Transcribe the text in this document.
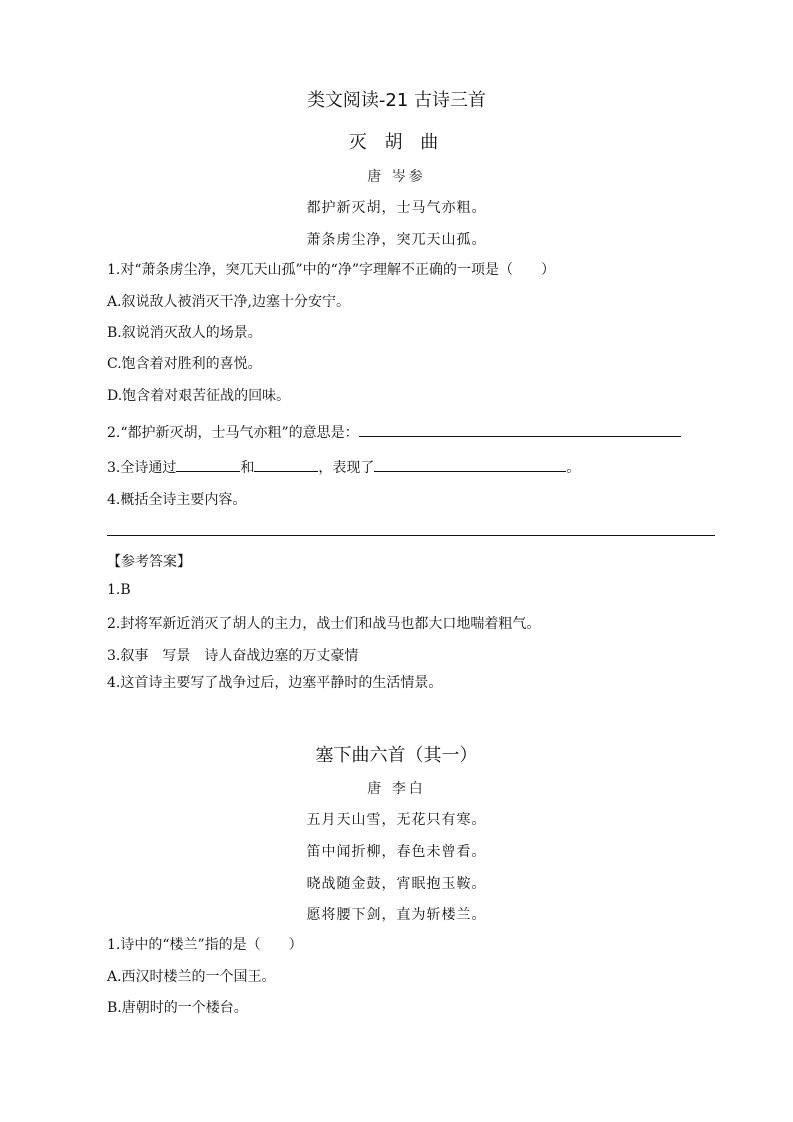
类文阅读-21 古诗三首
灭 胡 曲
唐 岑参
都护新灭胡，士马气亦粗。
萧条虏尘净，突兀天山孤。
1.对“萧条虏尘净，突兀天山孤”中的“净”字理解不正确的一项是（　　）
A.叙说敌人被消灭干净,边塞十分安宁。
B.叙说消灭敌人的场景。
C.饱含着对胜利的喜悦。
D.饱含着对艰苦征战的回味。
2.“都护新灭胡，士马气亦粗”的意思是：
3.全诗通过	和	，表现了	。
4.概括全诗主要内容。
【参考答案】
1.B
2.封将军新近消灭了胡人的主力，战士们和战马也都大口地喘着粗气。
3.叙事　写景　诗人奋战边塞的万丈豪情
4.这首诗主要写了战争过后，边塞平静时的生活情景。
塞下曲六首（其一）
唐 李白
五月天山雪，无花只有寒。
笛中闻折柳，春色未曾看。
晓战随金鼓，宵眠抱玉鞍。
愿将腰下剑，直为斩楼兰。
1.诗中的“楼兰”指的是（　　）
A.西汉时楼兰的一个国王。
B.唐朝时的一个楼台。
